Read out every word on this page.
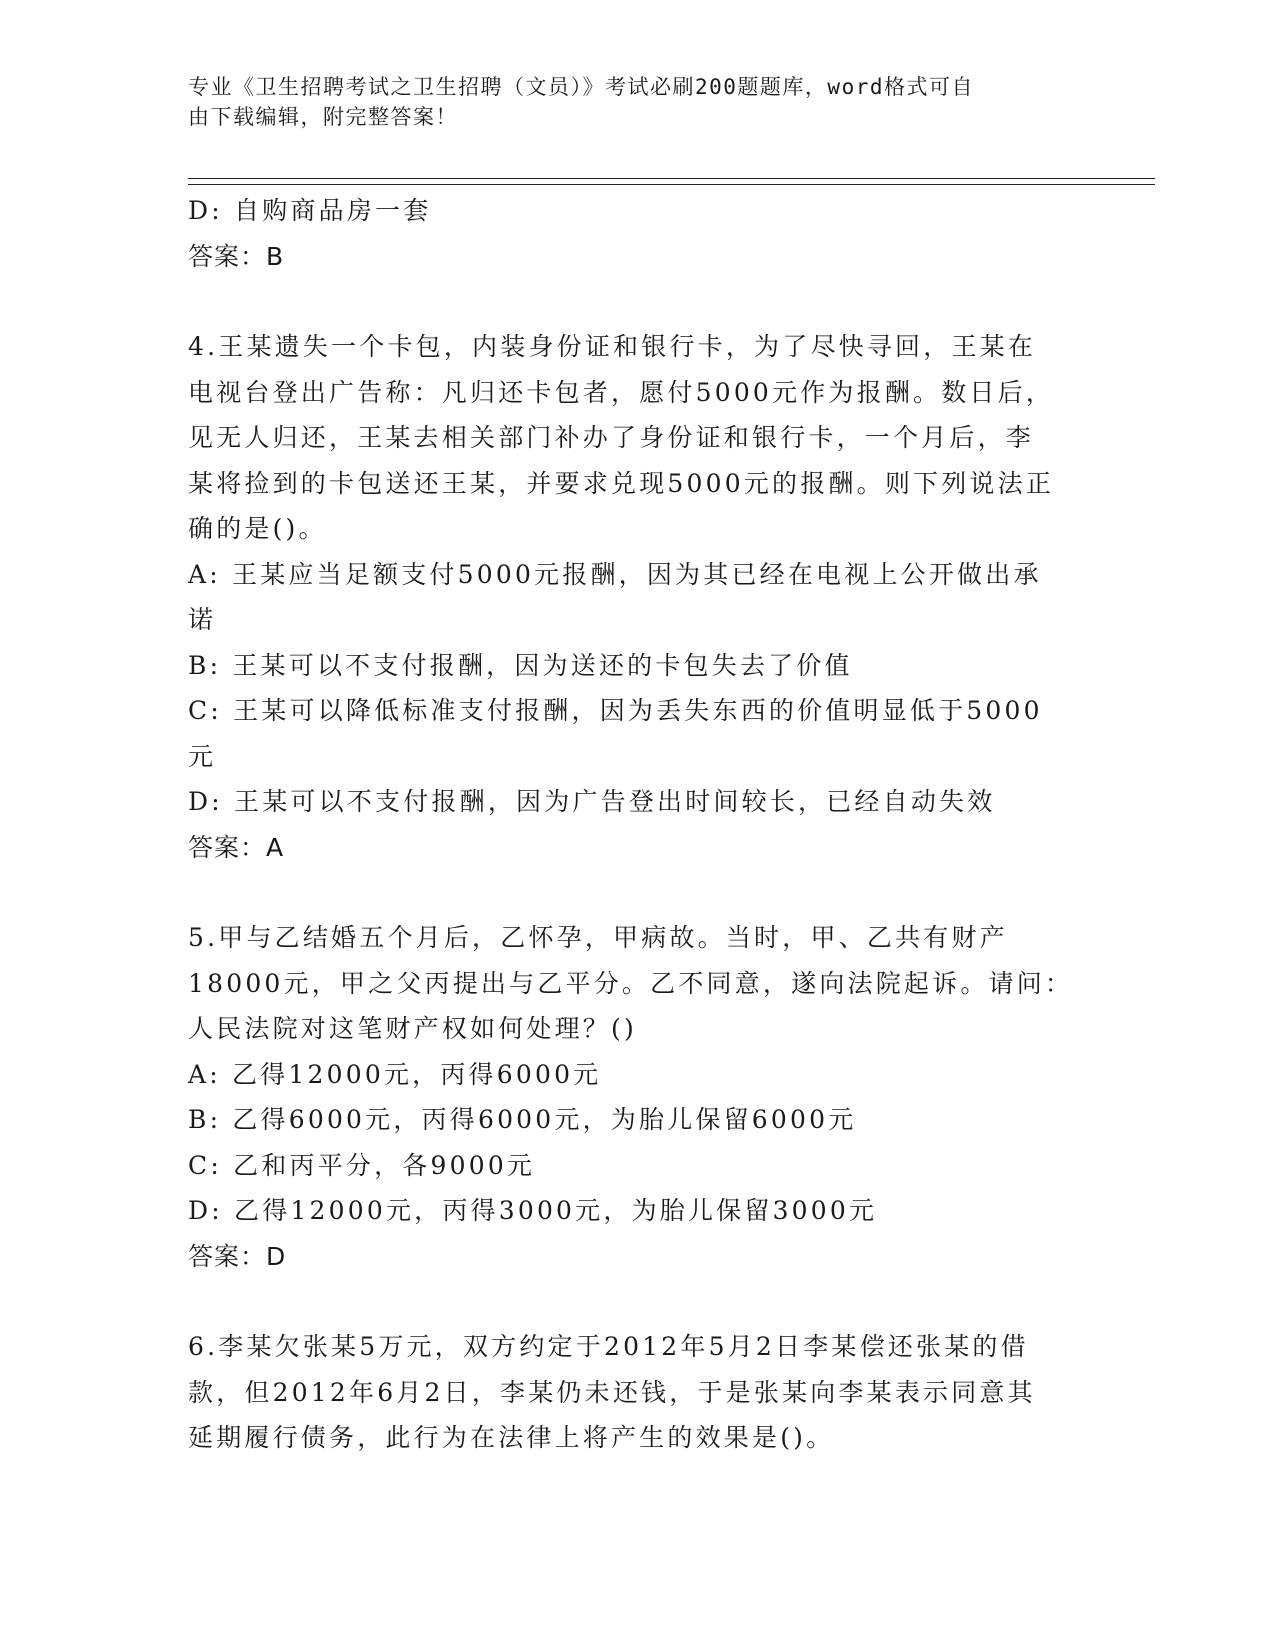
专业《卫生招聘考试之卫生招聘（文员）》考试必刷200题题库，word格式可自
由下载编辑，附完整答案！
D: 自购商品房一套
答案：B
4.王某遗失一个卡包，内装身份证和银行卡，为了尽快寻回，王某在
电视台登出广告称：凡归还卡包者，愿付5000元作为报酬。数日后，
见无人归还，王某去相关部门补办了身份证和银行卡，一个月后，李
某将捡到的卡包送还王某，并要求兑现5000元的报酬。则下列说法正
确的是()。
A: 王某应当足额支付5000元报酬，因为其已经在电视上公开做出承
诺
B: 王某可以不支付报酬，因为送还的卡包失去了价值
C: 王某可以降低标准支付报酬，因为丢失东西的价值明显低于5000
元
D: 王某可以不支付报酬，因为广告登出时间较长，已经自动失效
答案：A
5.甲与乙结婚五个月后，乙怀孕，甲病故。当时，甲、乙共有财产
18000元，甲之父丙提出与乙平分。乙不同意，遂向法院起诉。请问：
人民法院对这笔财产权如何处理？()
A: 乙得12000元，丙得6000元
B: 乙得6000元，丙得6000元，为胎儿保留6000元
C: 乙和丙平分，各9000元
D: 乙得12000元，丙得3000元，为胎儿保留3000元
答案：D
6.李某欠张某5万元，双方约定于2012年5月2日李某偿还张某的借
款，但2012年6月2日，李某仍未还钱，于是张某向李某表示同意其
延期履行债务，此行为在法律上将产生的效果是()。
